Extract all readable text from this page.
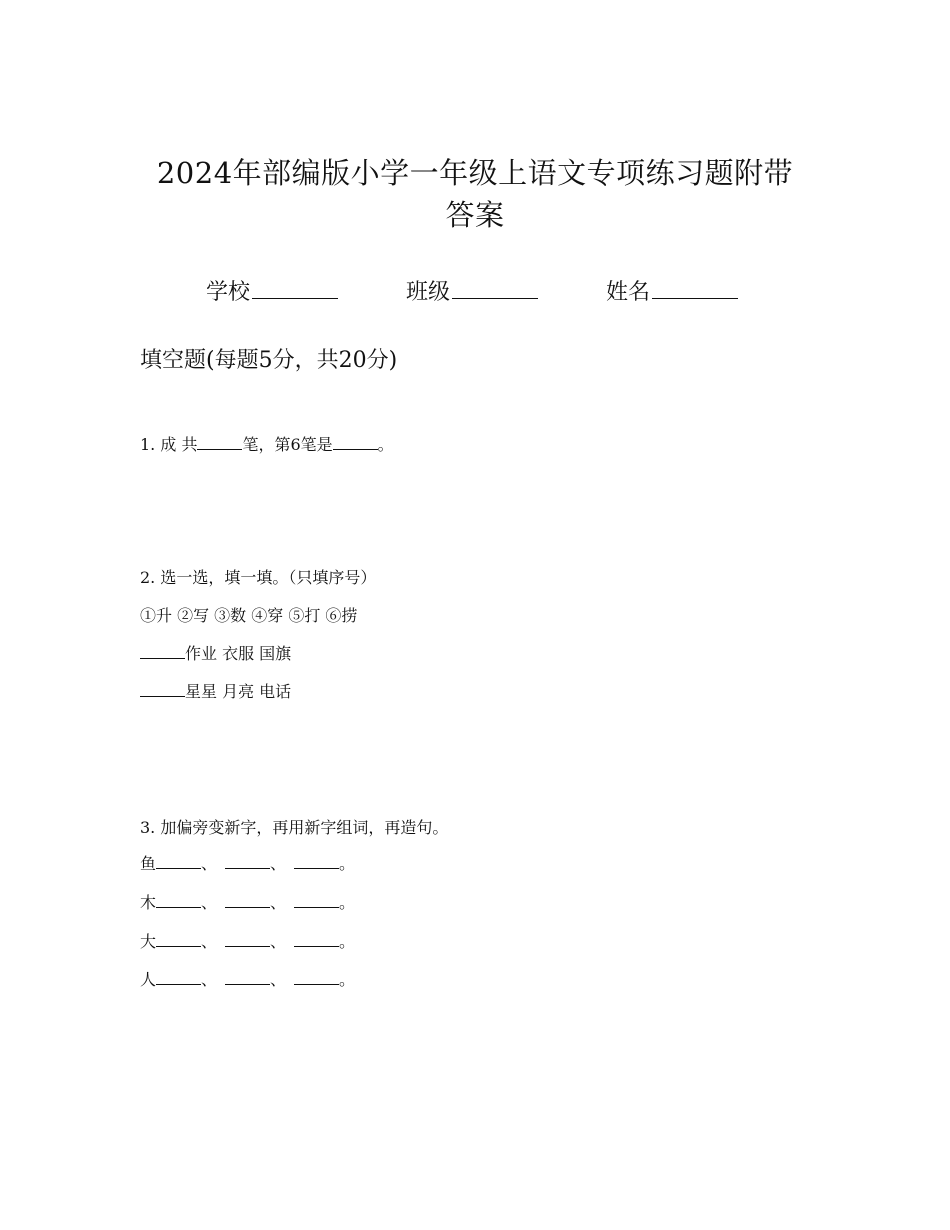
2024年部编版小学一年级上语文专项练习题附带
答案
学校	班级	姓名
填空题(每题5分，共20分)
1. 成 共	笔，第6笔是	。
2. 选一选，填一填。（只填序号）
①升 ②写 ③数 ④穿 ⑤打 ⑥捞
作业 衣服 国旗
星星 月亮 电话
3. 加偏旁变新字，再用新字组词，再造句。
鱼	、	、	。
木	、	、	。
大	、	、	。
人	、	、	。
